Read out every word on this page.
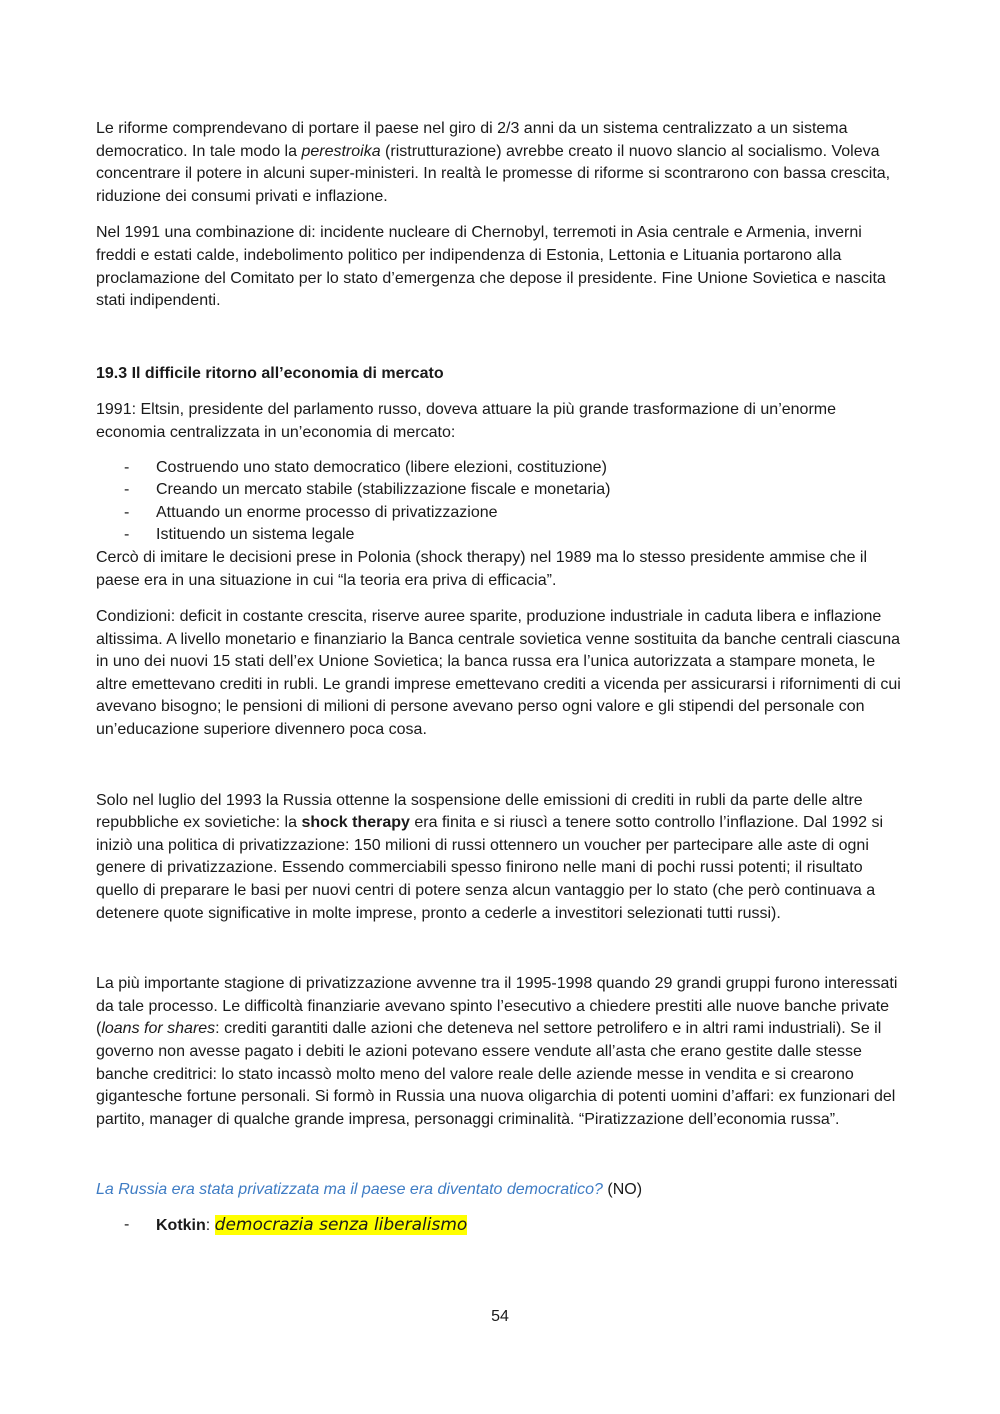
Le riforme comprendevano di portare il paese nel giro di 2/3 anni da un sistema centralizzato a un sistema democratico. In tale modo la perestroika (ristrutturazione) avrebbe creato il nuovo slancio al socialismo. Voleva concentrare il potere in alcuni super-ministeri. In realtà le promesse di riforme si scontrarono con bassa crescita, riduzione dei consumi privati e inflazione.

Nel 1991 una combinazione di: incidente nucleare di Chernobyl, terremoti in Asia centrale e Armenia, inverni freddi e estati calde, indebolimento politico per indipendenza di Estonia, Lettonia e Lituania portarono alla proclamazione del Comitato per lo stato d’emergenza che depose il presidente. Fine Unione Sovietica e nascita stati indipendenti.

19.3 Il difficile ritorno all’economia di mercato

1991: Eltsin, presidente del parlamento russo, doveva attuare la più grande trasformazione di un’enorme economia centralizzata in un’economia di mercato:

- Costruendo uno stato democratico (libere elezioni, costituzione)
- Creando un mercato stabile (stabilizzazione fiscale e monetaria)
- Attuando un enorme processo di privatizzazione
- Istituendo un sistema legale

Cercò di imitare le decisioni prese in Polonia (shock therapy) nel 1989 ma lo stesso presidente ammise che il paese era in una situazione in cui “la teoria era priva di efficacia”.

Condizioni: deficit in costante crescita, riserve auree sparite, produzione industriale in caduta libera e inflazione altissima. A livello monetario e finanziario la Banca centrale sovietica venne sostituita da banche centrali ciascuna in uno dei nuovi 15 stati dell’ex Unione Sovietica; la banca russa era l’unica autorizzata a stampare moneta, le altre emettevano crediti in rubli. Le grandi imprese emettevano crediti a vicenda per assicurarsi i rifornimenti di cui avevano bisogno; le pensioni di milioni di persone avevano perso ogni valore e gli stipendi del personale con un’educazione superiore divennero poca cosa.

Solo nel luglio del 1993 la Russia ottenne la sospensione delle emissioni di crediti in rubli da parte delle altre repubbliche ex sovietiche: la shock therapy era finita e si riuscì a tenere sotto controllo l’inflazione. Dal 1992 si iniziò una politica di privatizzazione: 150 milioni di russi ottennero un voucher per partecipare alle aste di ogni genere di privatizzazione. Essendo commerciabili spesso finirono nelle mani di pochi russi potenti; il risultato quello di preparare le basi per nuovi centri di potere senza alcun vantaggio per lo stato (che però continuava a detenere quote significative in molte imprese, pronto a cederle a investitori selezionati tutti russi).

La più importante stagione di privatizzazione avvenne tra il 1995-1998 quando 29 grandi gruppi furono interessati da tale processo. Le difficoltà finanziarie avevano spinto l’esecutivo a chiedere prestiti alle nuove banche private (loans for shares: crediti garantiti dalle azioni che deteneva nel settore petrolifero e in altri rami industriali). Se il governo non avesse pagato i debiti le azioni potevano essere vendute all’asta che erano gestite dalle stesse banche creditrici: lo stato incassò molto meno del valore reale delle aziende messe in vendita e si crearono gigantesche fortune personali. Si formò in Russia una nuova oligarchia di potenti uomini d’affari: ex funzionari del partito, manager di qualche grande impresa, personaggi criminalità. “Piratizzazione dell’economia russa”.

La Russia era stata privatizzata ma il paese era diventato democratico? (NO)

- Kotkin: democrazia senza liberalismo
54
